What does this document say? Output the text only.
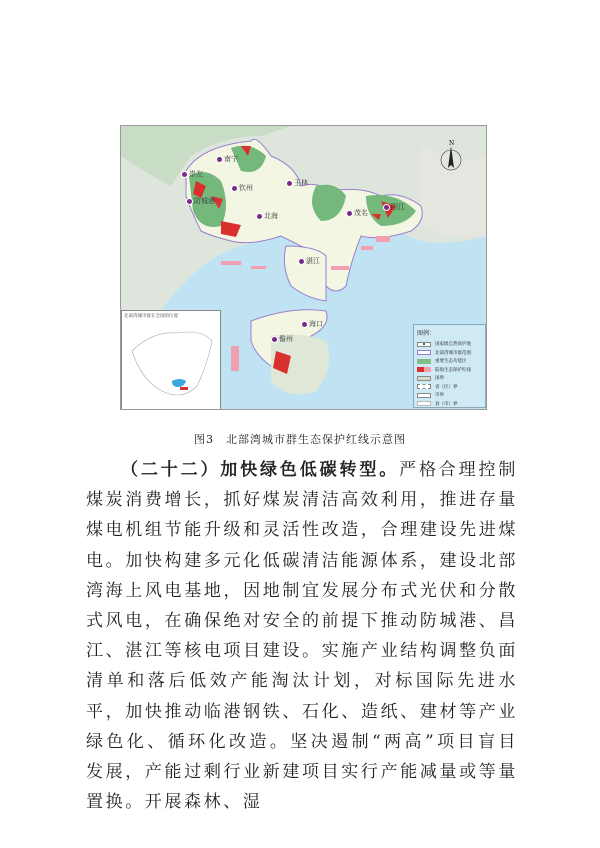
南宁
崇左
防城港
钦州
北海
玉林
湛江
茂名
阳江
海口
儋州
N
北部湾城市群在全国的位置
图例：
国家级自然保护地
北部湾城市群范围
重要生态功能区
陆海生态保护红线
国界
省（区）界
市界
县（市）界
图3　北部湾城市群生态保护红线示意图

（二十二）加快绿色低碳转型。严格合理控制煤炭消费增长，抓好煤炭清洁高效利用，推进存量煤电机组节能升级和灵活性改造，合理建设先进煤电。加快构建多元化低碳清洁能源体系，建设北部湾海上风电基地，因地制宜发展分布式光伏和分散式风电，在确保绝对安全的前提下推动防城港、昌江、湛江等核电项目建设。实施产业结构调整负面清单和落后低效产能淘汰计划，对标国际先进水平，加快推动临港钢铁、石化、造纸、建材等产业绿色化、循环化改造。坚决遏制“两高”项目盲目发展，产能过剩行业新建项目实行产能减量或等量置换。开展森林、湿
